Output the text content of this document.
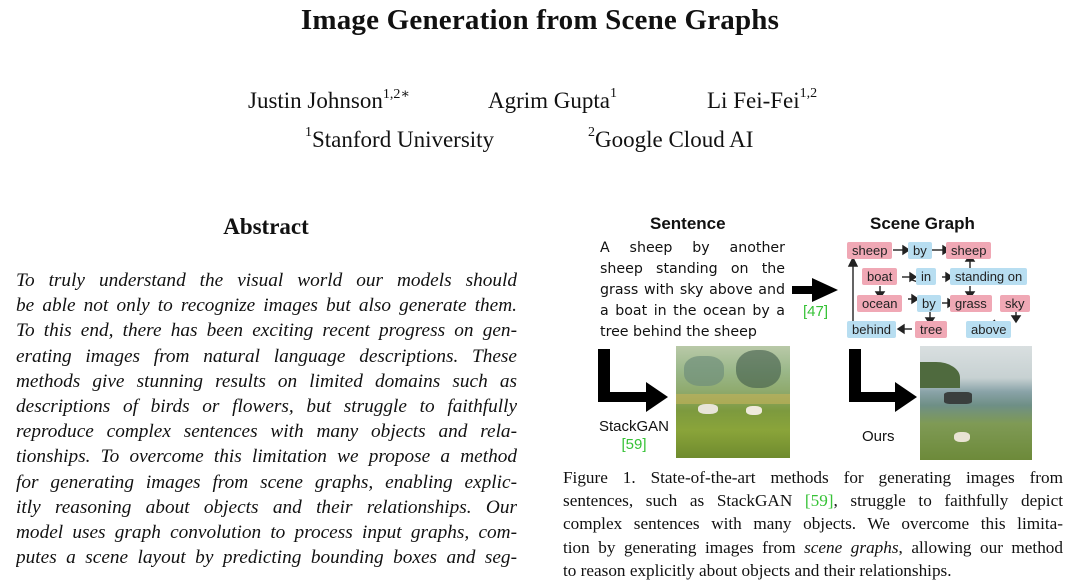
Image Generation from Scene Graphs
Justin Johnson$^{1,2∗}$	Agrim Gupta$^1$	Li Fei-Fei$^{1,2}$
$^1$Stanford University	$^2$Google Cloud AI
Abstract
To truly understand the visual world our models should
be able not only to recognize images but also generate them.
To this end, there has been exciting recent progress on gen-
erating images from natural language descriptions. These
methods give stunning results on limited domains such as
descriptions of birds or flowers, but struggle to faithfully
reproduce complex sentences with many objects and rela-
tionships. To overcome this limitation we propose a method
for generating images from scene graphs, enabling explic-
itly reasoning about objects and their relationships. Our
model uses graph convolution to process input graphs, com-
putes a scene layout by predicting bounding boxes and seg-
Sentence	Scene Graph
A sheep by another
sheep standing on the
grass with sky above and
a boat in the ocean by a
tree behind the sheep
sheep	by	sheep
boat	in	standing on
ocean	by	grass	sky
behind	tree	above
[47]
StackGAN
[59]	Ours
Figure 1. State-of-the-art methods for generating images from
sentences, such as StackGAN [59], struggle to faithfully depict
complex sentences with many objects. We overcome this limita-
tion by generating images from scene graphs, allowing our method
to reason explicitly about objects and their relationships.
